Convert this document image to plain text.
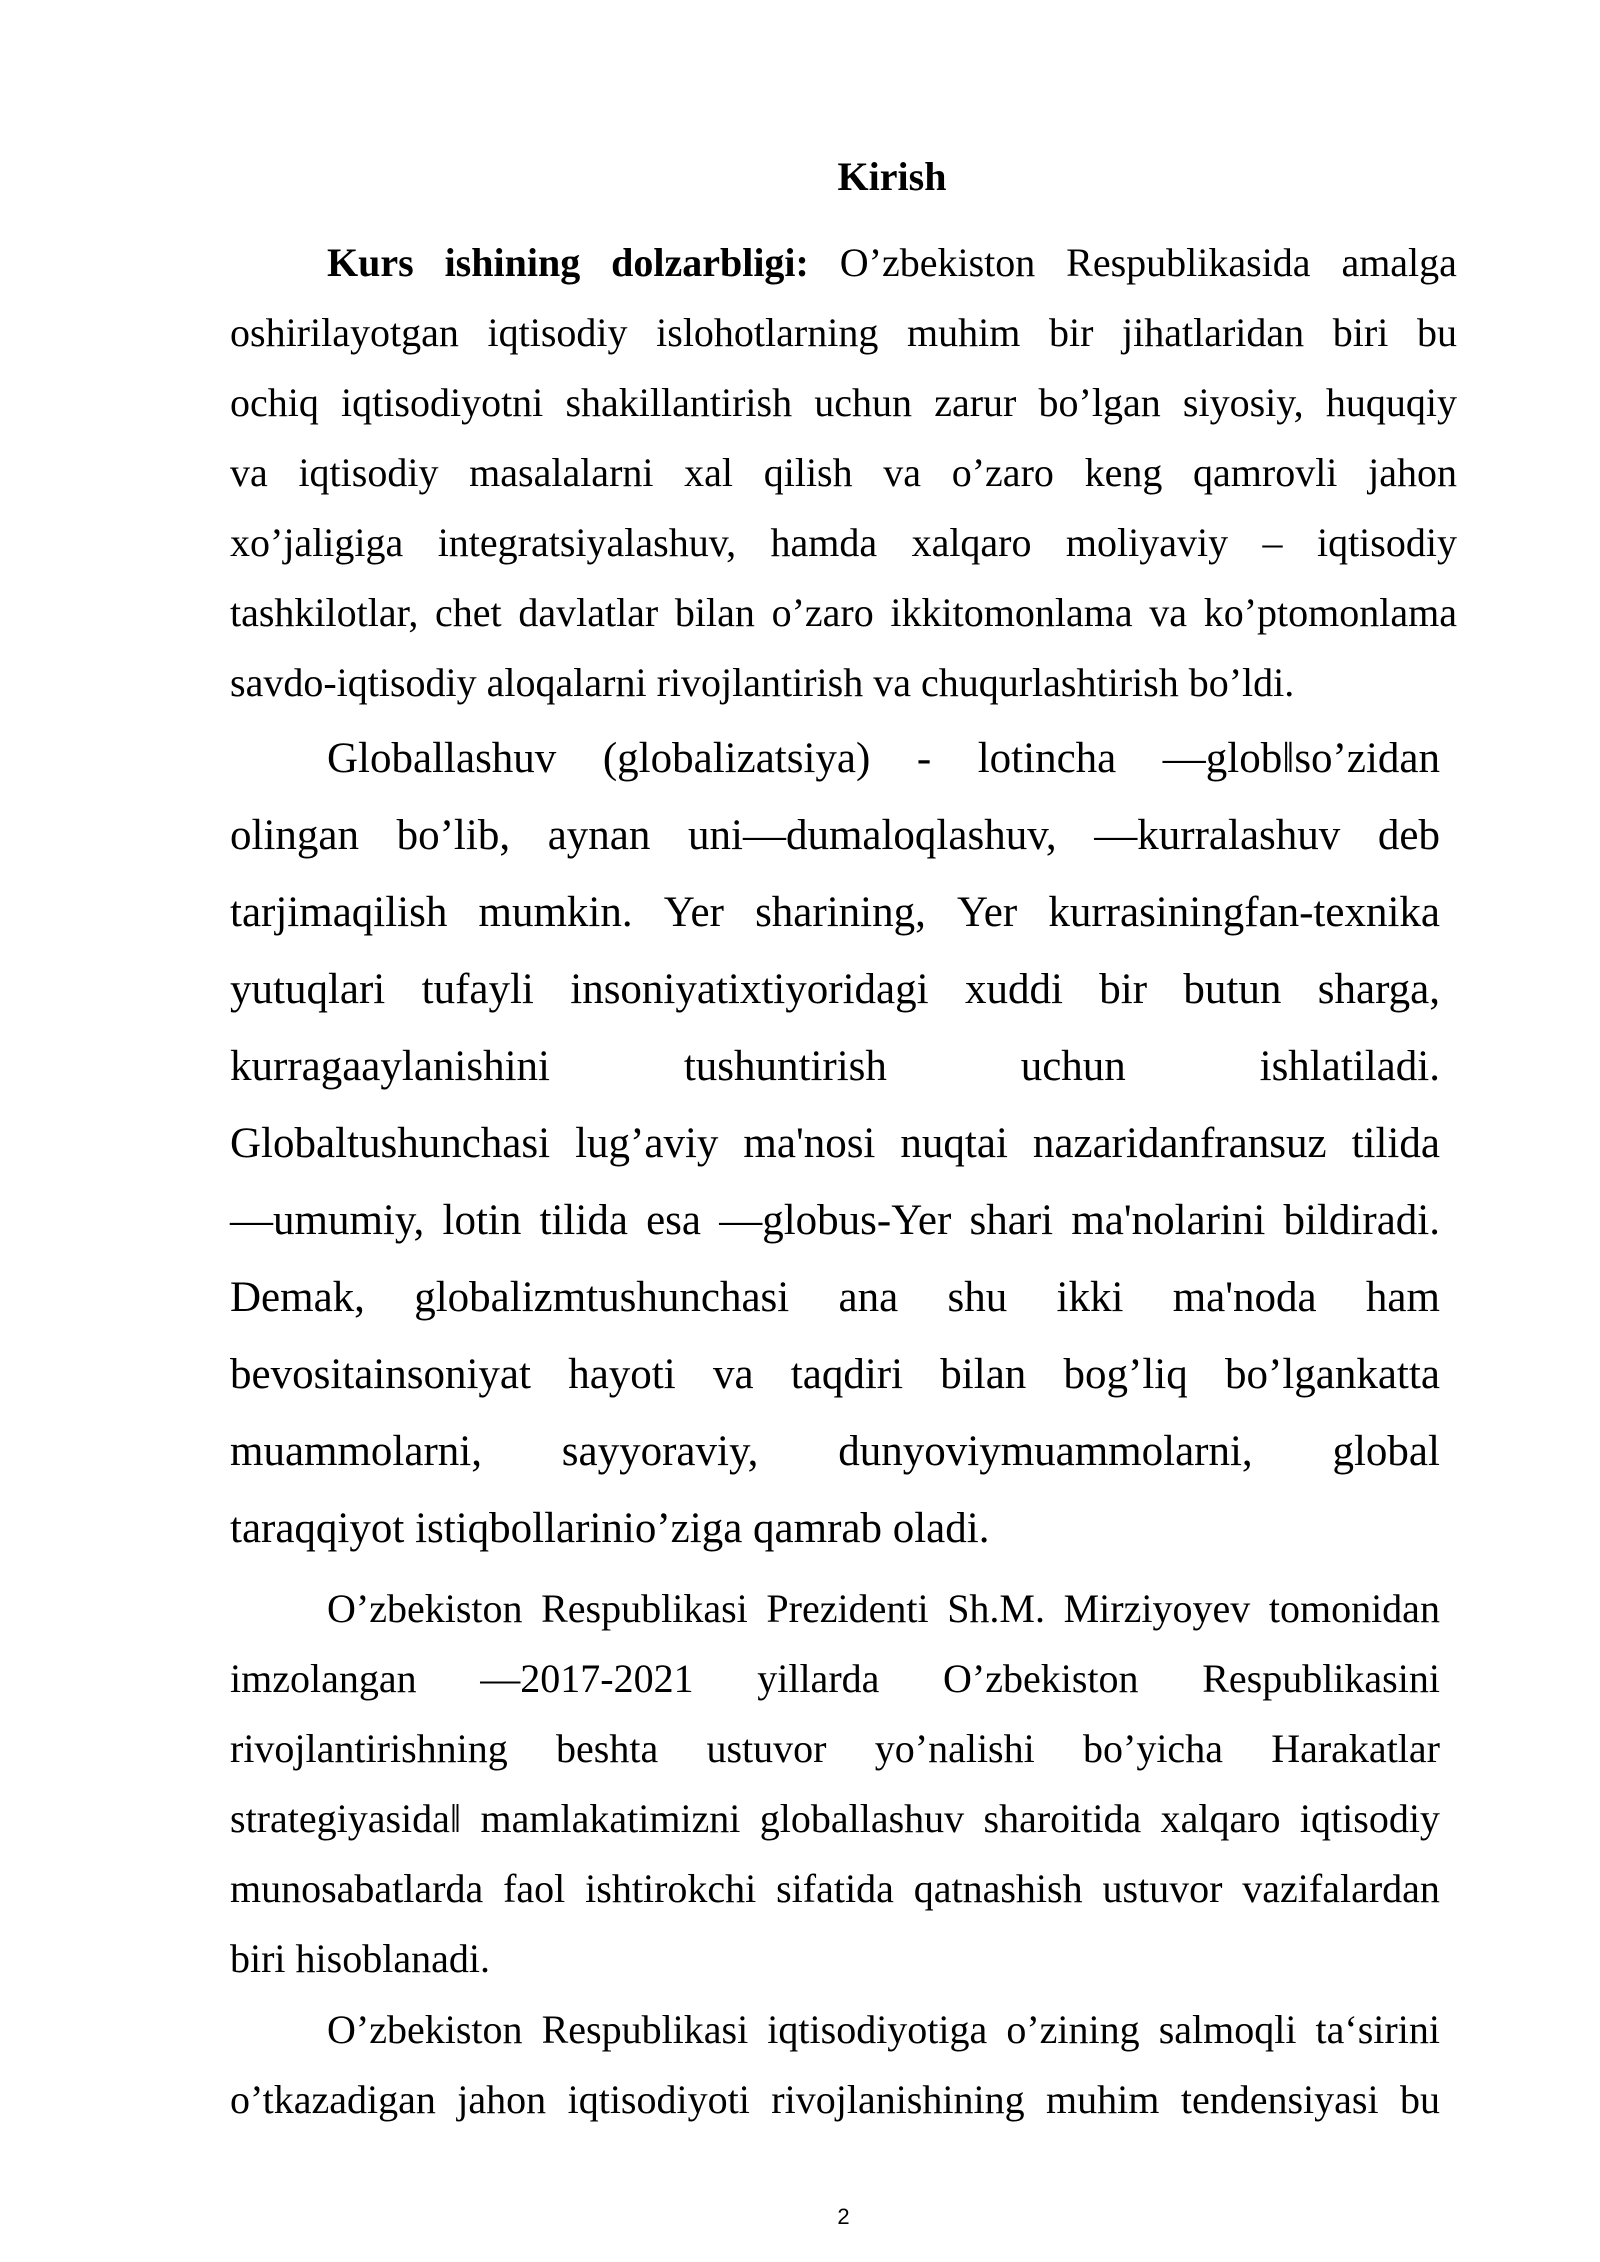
Kirish
Kurs ishining dolzarbligi: O’zbekiston Respublikasida amalga
oshirilayotgan iqtisodiy islohotlarning muhim bir jihatlaridan biri bu
ochiq iqtisodiyotni shakillantirish uchun zarur bo’lgan siyosiy, huquqiy
va iqtisodiy masalalarni xal qilish va o’zaro keng qamrovli jahon
xo’jaligiga integratsiyalashuv, hamda xalqaro moliyaviy – iqtisodiy
tashkilotlar, chet davlatlar bilan o’zaro ikkitomonlama va ko’ptomonlama
savdo-iqtisodiy aloqalarni rivojlantirish va chuqurlashtirish bo’ldi.
Globallashuv (globalizatsiya) - lotincha —glob‖so’zidan
olingan bo’lib, aynan uni—dumaloqlashuv, —kurralashuv deb
tarjimaqilish mumkin. Yer sharining, Yer kurrasiningfan-texnika
yutuqlari tufayli insoniyatixtiyoridagi xuddi bir butun sharga,
kurragaaylanishini	tushuntirish	uchun	ishlatiladi.
Globaltushunchasi lug’aviy ma'nosi nuqtai nazaridanfransuz tilida
—umumiy, lotin tilida esa —globus-Yer shari ma'nolarini bildiradi.
Demak, globalizmtushunchasi ana shu ikki ma'noda ham
bevositainsoniyat hayoti va taqdiri bilan bog’liq bo’lgankatta
muammolarni, sayyoraviy, dunyoviymuammolarni, global
taraqqiyot istiqbollarinio’ziga qamrab oladi.
O’zbekiston Respublikasi Prezidenti Sh.M. Mirziyoyev tomonidan
imzolangan —2017-2021 yillarda O’zbekiston Respublikasini
rivojlantirishning beshta ustuvor yo’nalishi bo’yicha Harakatlar
strategiyasida‖ mamlakatimizni globallashuv sharoitida xalqaro iqtisodiy
munosabatlarda faol ishtirokchi sifatida qatnashish ustuvor vazifalardan
biri hisoblanadi.
O’zbekiston Respublikasi iqtisodiyotiga o’zining salmoqli ta‘sirini
o’tkazadigan jahon iqtisodiyoti rivojlanishining muhim tendensiyasi bu
2
